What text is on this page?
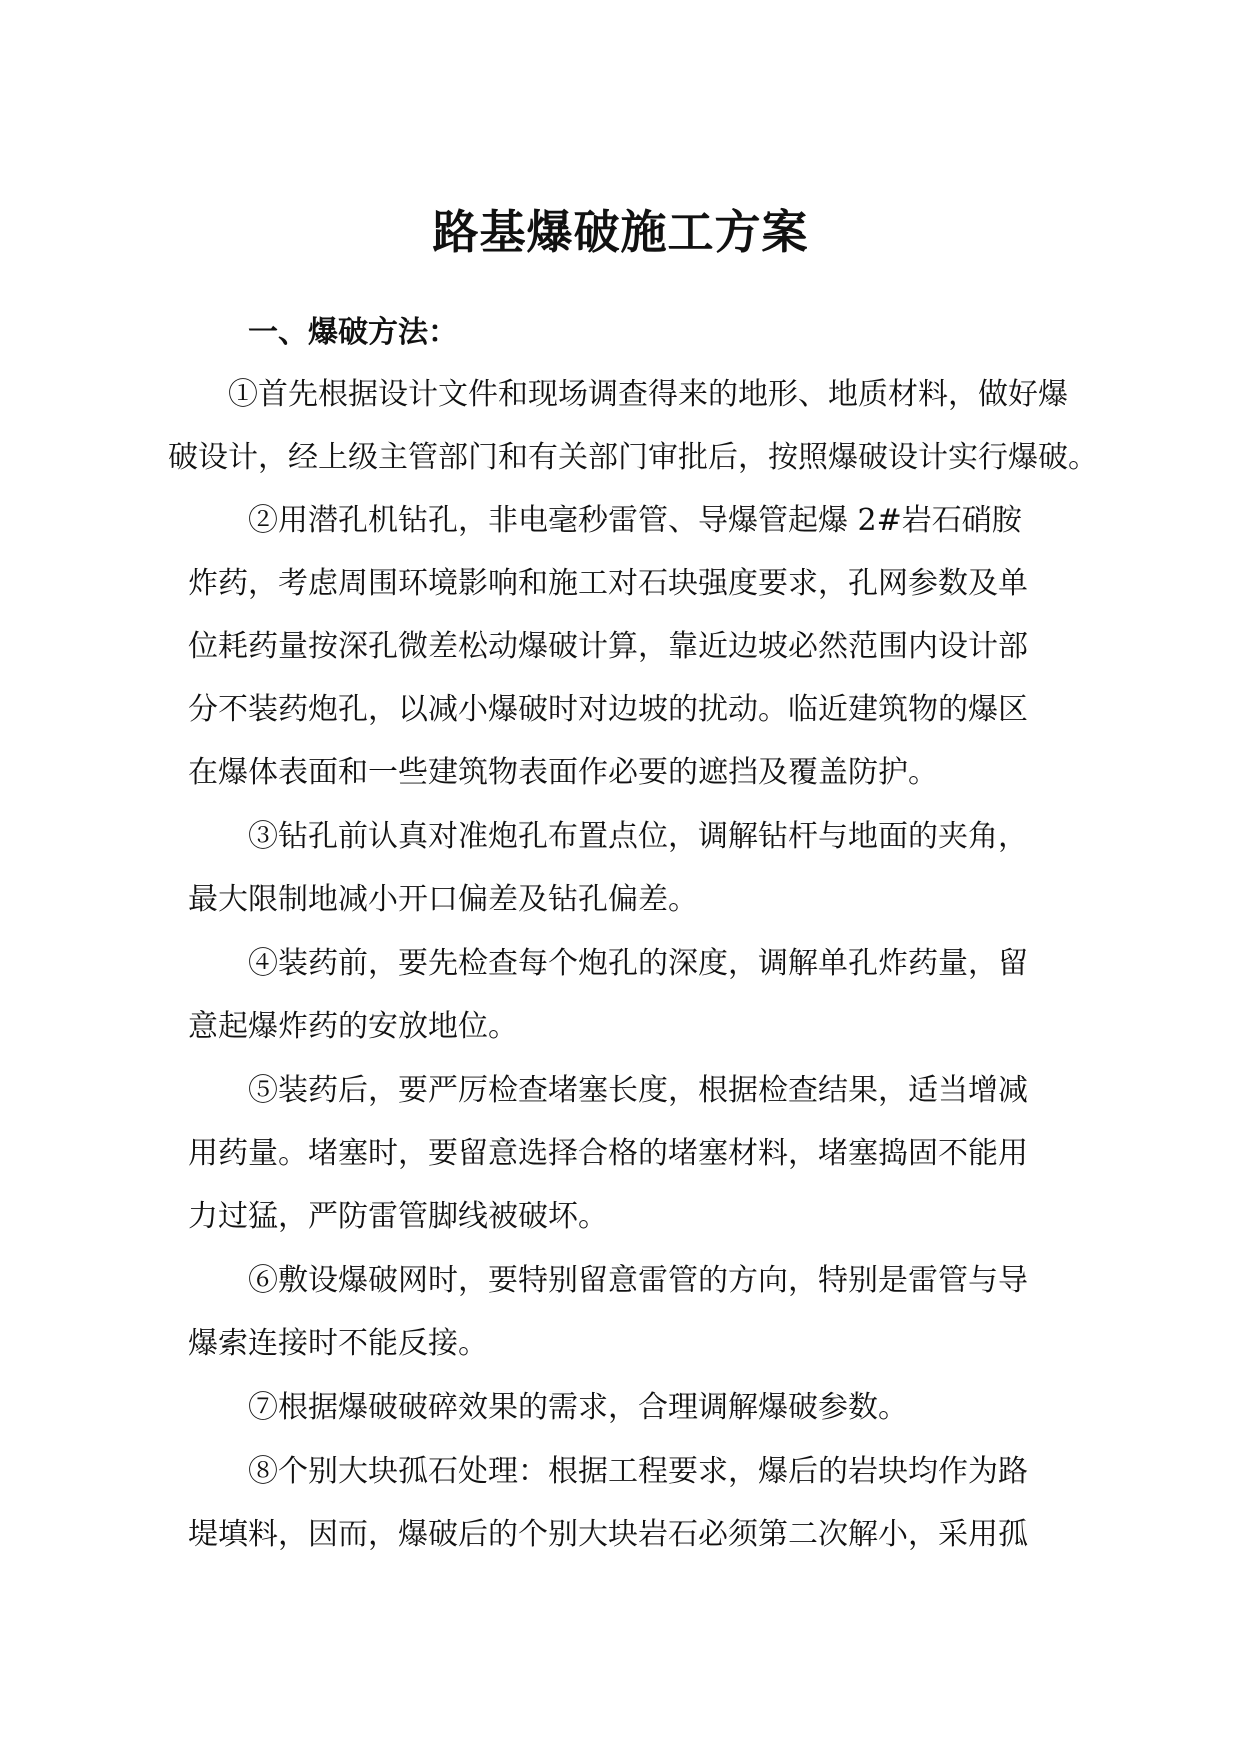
路基爆破施工方案
一、爆破方法：
①首先根据设计文件和现场调查得来的地形、地质材料，做好爆
破设计，经上级主管部门和有关部门审批后，按照爆破设计实行爆破。
②用潜孔机钻孔，非电毫秒雷管、导爆管起爆 2#岩石硝胺
炸药，考虑周围环境影响和施工对石块强度要求，孔网参数及单
位耗药量按深孔微差松动爆破计算，靠近边坡必然范围内设计部
分不装药炮孔，以减小爆破时对边坡的扰动。临近建筑物的爆区
在爆体表面和一些建筑物表面作必要的遮挡及覆盖防护。
③钻孔前认真对准炮孔布置点位，调解钻杆与地面的夹角，
最大限制地减小开口偏差及钻孔偏差。
④装药前，要先检查每个炮孔的深度，调解单孔炸药量，留
意起爆炸药的安放地位。
⑤装药后，要严厉检查堵塞长度，根据检查结果，适当增减
用药量。堵塞时，要留意选择合格的堵塞材料，堵塞捣固不能用
力过猛，严防雷管脚线被破坏。
⑥敷设爆破网时，要特别留意雷管的方向，特别是雷管与导
爆索连接时不能反接。
⑦根据爆破破碎效果的需求，合理调解爆破参数。
⑧个别大块孤石处理：根据工程要求，爆后的岩块均作为路
堤填料，因而，爆破后的个别大块岩石必须第二次解小，采用孤
